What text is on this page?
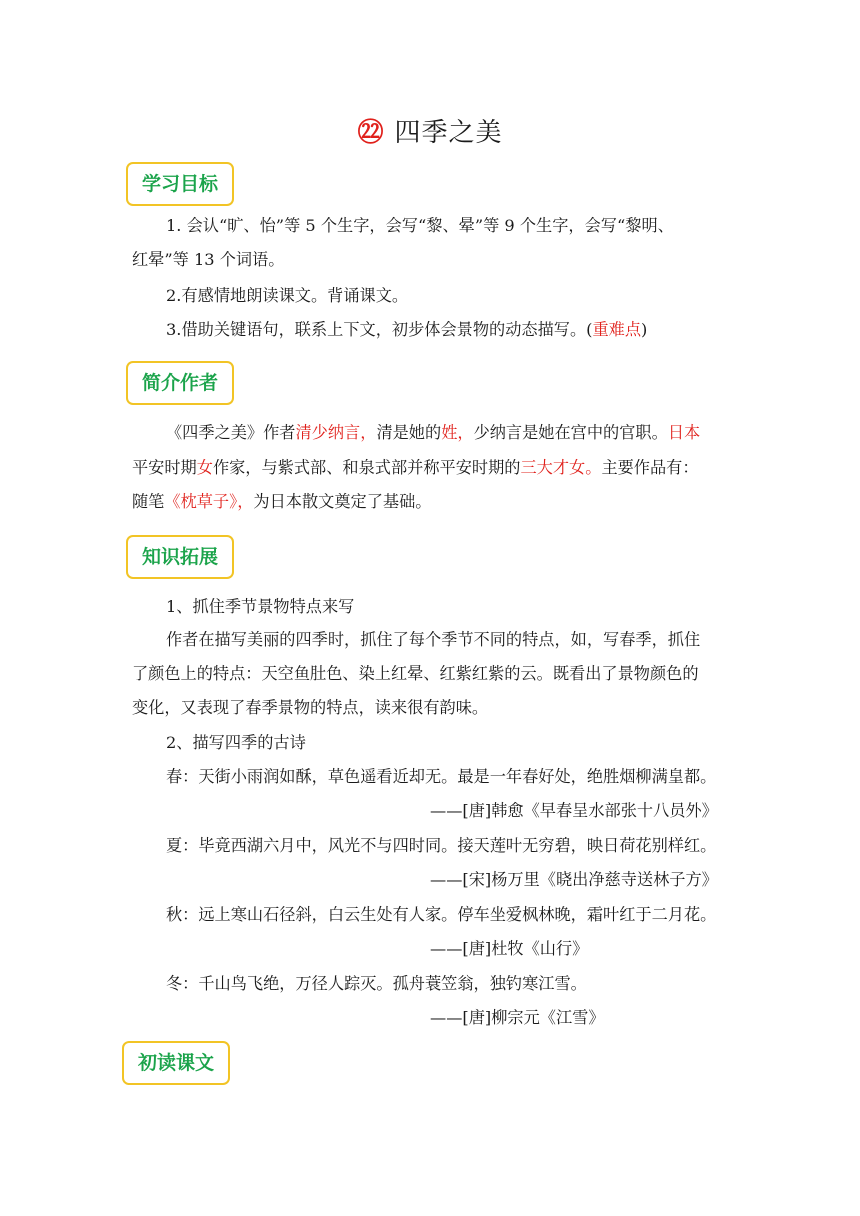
㉒ 四季之美
学习目标
1. 会认“旷、怡”等 5 个生字，会写“黎、晕”等 9 个生字，会写“黎明、
红晕”等 13 个词语。
2.有感情地朗读课文。背诵课文。
3.借助关键语句，联系上下文，初步体会景物的动态描写。(重难点)
简介作者
《四季之美》作者清少纳言，清是她的姓，少纳言是她在宫中的官职。日本
平安时期女作家，与紫式部、和泉式部并称平安时期的三大才女。主要作品有：
随笔《枕草子》，为日本散文奠定了基础。
知识拓展
1、抓住季节景物特点来写
作者在描写美丽的四季时，抓住了每个季节不同的特点，如，写春季，抓住
了颜色上的特点：天空鱼肚色、染上红晕、红紫红紫的云。既看出了景物颜色的
变化，又表现了春季景物的特点，读来很有韵味。
2、描写四季的古诗
春：天街小雨润如酥，草色遥看近却无。最是一年春好处，绝胜烟柳满皇都。
——[唐]韩愈《早春呈水部张十八员外》
夏：毕竟西湖六月中，风光不与四时同。接天莲叶无穷碧，映日荷花别样红。
——[宋]杨万里《晓出净慈寺送林子方》
秋：远上寒山石径斜，白云生处有人家。停车坐爱枫林晚，霜叶红于二月花。
——[唐]杜牧《山行》
冬：千山鸟飞绝，万径人踪灭。孤舟蓑笠翁，独钓寒江雪。
——[唐]柳宗元《江雪》
初读课文
